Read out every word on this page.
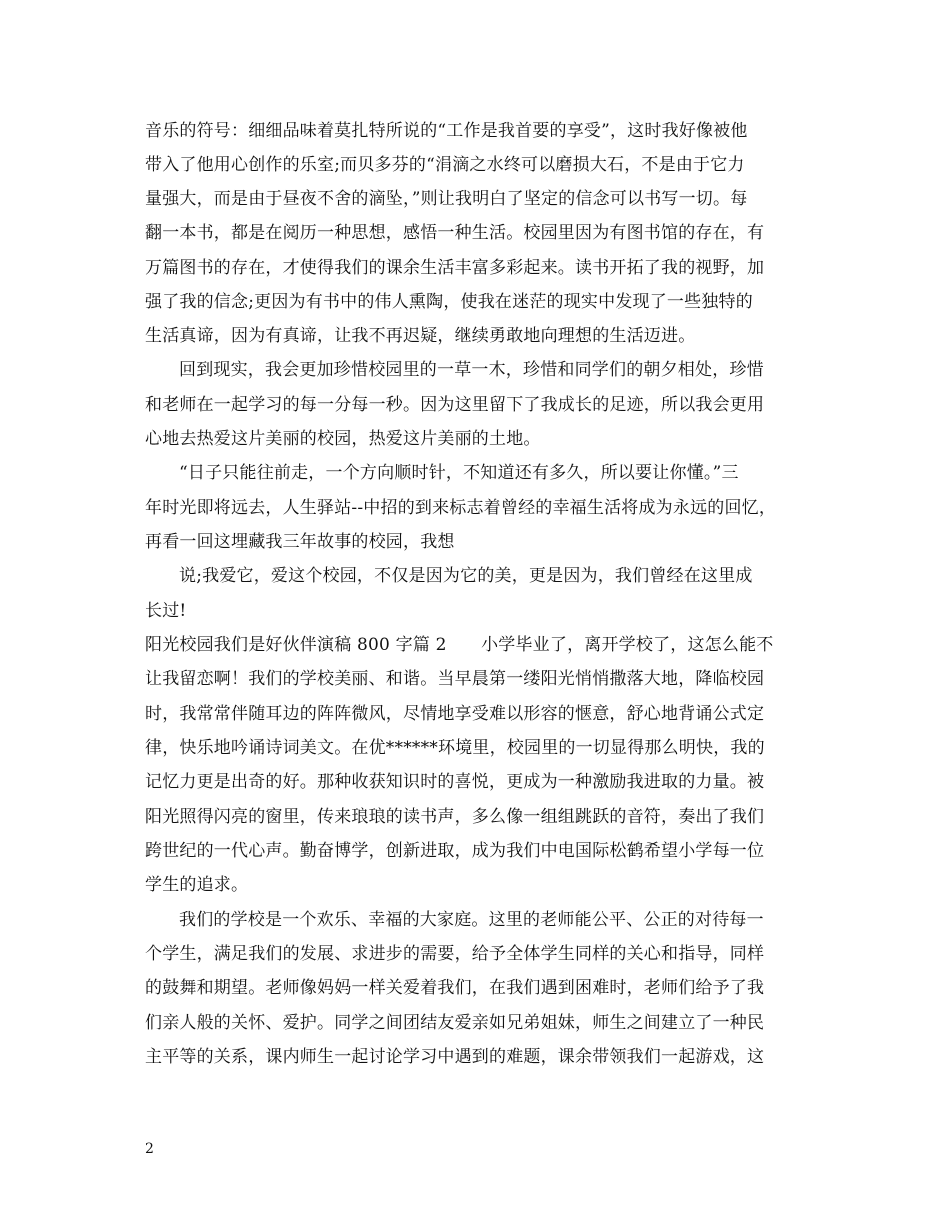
音乐的符号：细细品味着莫扎特所说的“工作是我首要的享受”，这时我好像被他
带入了他用心创作的乐室;而贝多芬的“涓滴之水终可以磨损大石，不是由于它力
量强大，而是由于昼夜不舍的滴坠，”则让我明白了坚定的信念可以书写一切。每
翻一本书，都是在阅历一种思想，感悟一种生活。校园里因为有图书馆的存在，有
万篇图书的存在，才使得我们的课余生活丰富多彩起来。读书开拓了我的视野，加
强了我的信念;更因为有书中的伟人熏陶，使我在迷茫的现实中发现了一些独特的
生活真谛，因为有真谛，让我不再迟疑，继续勇敢地向理想的生活迈进。
回到现实，我会更加珍惜校园里的一草一木，珍惜和同学们的朝夕相处，珍惜
和老师在一起学习的每一分每一秒。因为这里留下了我成长的足迹，所以我会更用
心地去热爱这片美丽的校园，热爱这片美丽的土地。
“日子只能往前走，一个方向顺时针，不知道还有多久，所以要让你懂。”三
年时光即将远去，人生驿站--中招的到来标志着曾经的幸福生活将成为永远的回忆，
再看一回这埋藏我三年故事的校园，我想
说;我爱它，爱这个校园，不仅是因为它的美，更是因为，我们曾经在这里成
长过!
阳光校园我们是好伙伴演稿 800 字篇 2　　小学毕业了，离开学校了，这怎么能不
让我留恋啊！我们的学校美丽、和谐。当早晨第一缕阳光悄悄撒落大地，降临校园
时，我常常伴随耳边的阵阵微风，尽情地享受难以形容的惬意，舒心地背诵公式定
律，快乐地吟诵诗词美文。在优******环境里，校园里的一切显得那么明快，我的
记忆力更是出奇的好。那种收获知识时的喜悦，更成为一种激励我进取的力量。被
阳光照得闪亮的窗里，传来琅琅的读书声，多么像一组组跳跃的音符，奏出了我们
跨世纪的一代心声。勤奋博学，创新进取，成为我们中电国际松鹤希望小学每一位
学生的追求。
我们的学校是一个欢乐、幸福的大家庭。这里的老师能公平、公正的对待每一
个学生，满足我们的发展、求进步的需要，给予全体学生同样的关心和指导，同样
的鼓舞和期望。老师像妈妈一样关爱着我们，在我们遇到困难时，老师们给予了我
们亲人般的关怀、爱护。同学之间团结友爱亲如兄弟姐妹，师生之间建立了一种民
主平等的关系，课内师生一起讨论学习中遇到的难题，课余带领我们一起游戏，这
2
